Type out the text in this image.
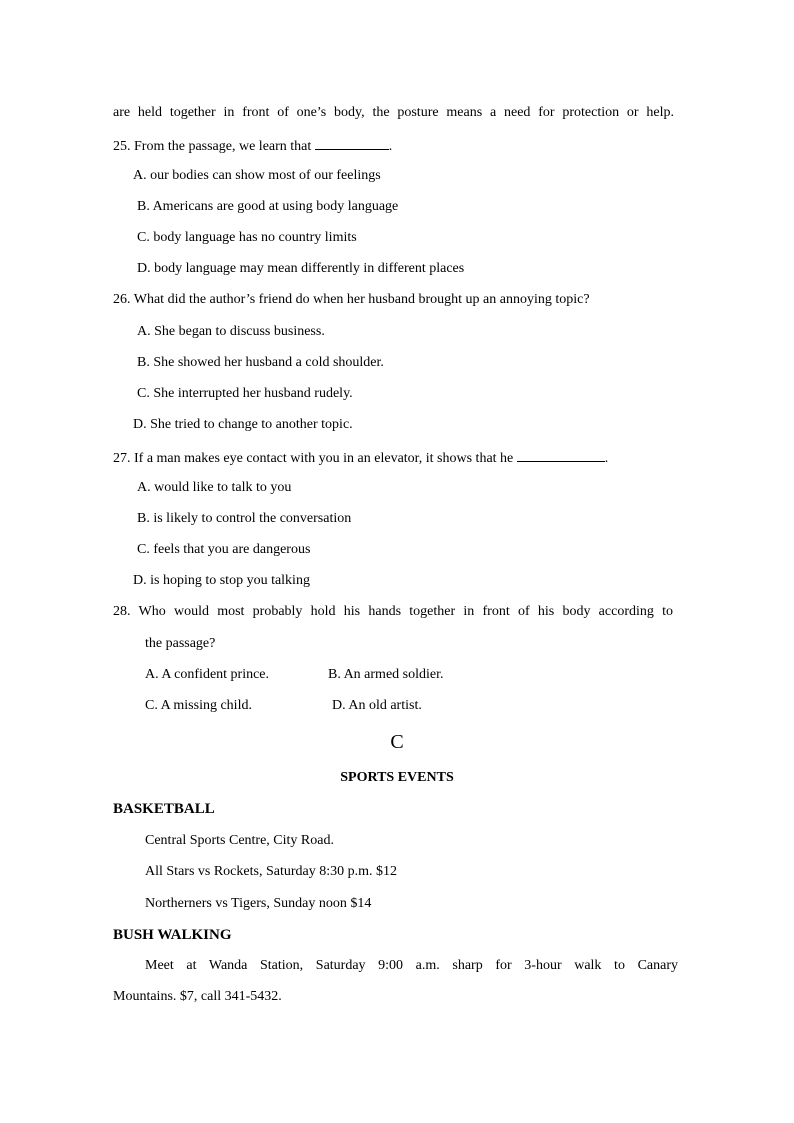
are held together in front of one’s body, the posture means a need for protection or help.
25. From the passage, we learn that	.
A. our bodies can show most of our feelings
B. Americans are good at using body language
C. body language has no country limits
D. body language may mean differently in different places
26. What did the author’s friend do when her husband brought up an annoying topic?
A. She began to discuss business.
B. She showed her husband a cold shoulder.
C. She interrupted her husband rudely.
D. She tried to change to another topic.
27. If a man makes eye contact with you in an elevator, it shows that he	.
A. would like to talk to you
B. is likely to control the conversation
C. feels that you are dangerous
D. is hoping to stop you talking
28. Who would most probably hold his hands together in front of his body according to
the passage?
A. A confident prince.	B. An armed soldier.
C. A missing child.	D. An old artist.
C
SPORTS EVENTS
BASKETBALL
Central Sports Centre, City Road.
All Stars vs Rockets, Saturday 8:30 p.m. $12
Northerners vs Tigers, Sunday noon $14
BUSH WALKING
Meet at Wanda Station, Saturday 9:00 a.m. sharp for 3-hour walk to Canary
Mountains. $7, call 341-5432.
